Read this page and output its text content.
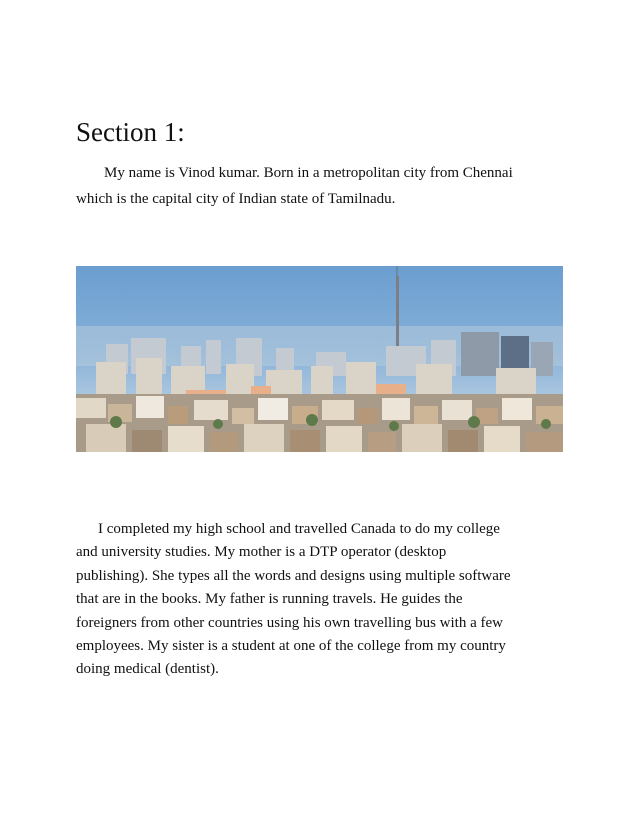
Section 1:

My name is Vinod kumar. Born in a metropolitan city from Chennai
which is the capital city of Indian state of Tamilnadu.

I completed my high school and travelled Canada to do my college
and university studies. My mother is a DTP operator (desktop
publishing). She types all the words and designs using multiple software
that are in the books. My father is running travels. He guides the
foreigners from other countries using his own travelling bus with a few
employees. My sister is a student at one of the college from my country
doing medical (dentist).
